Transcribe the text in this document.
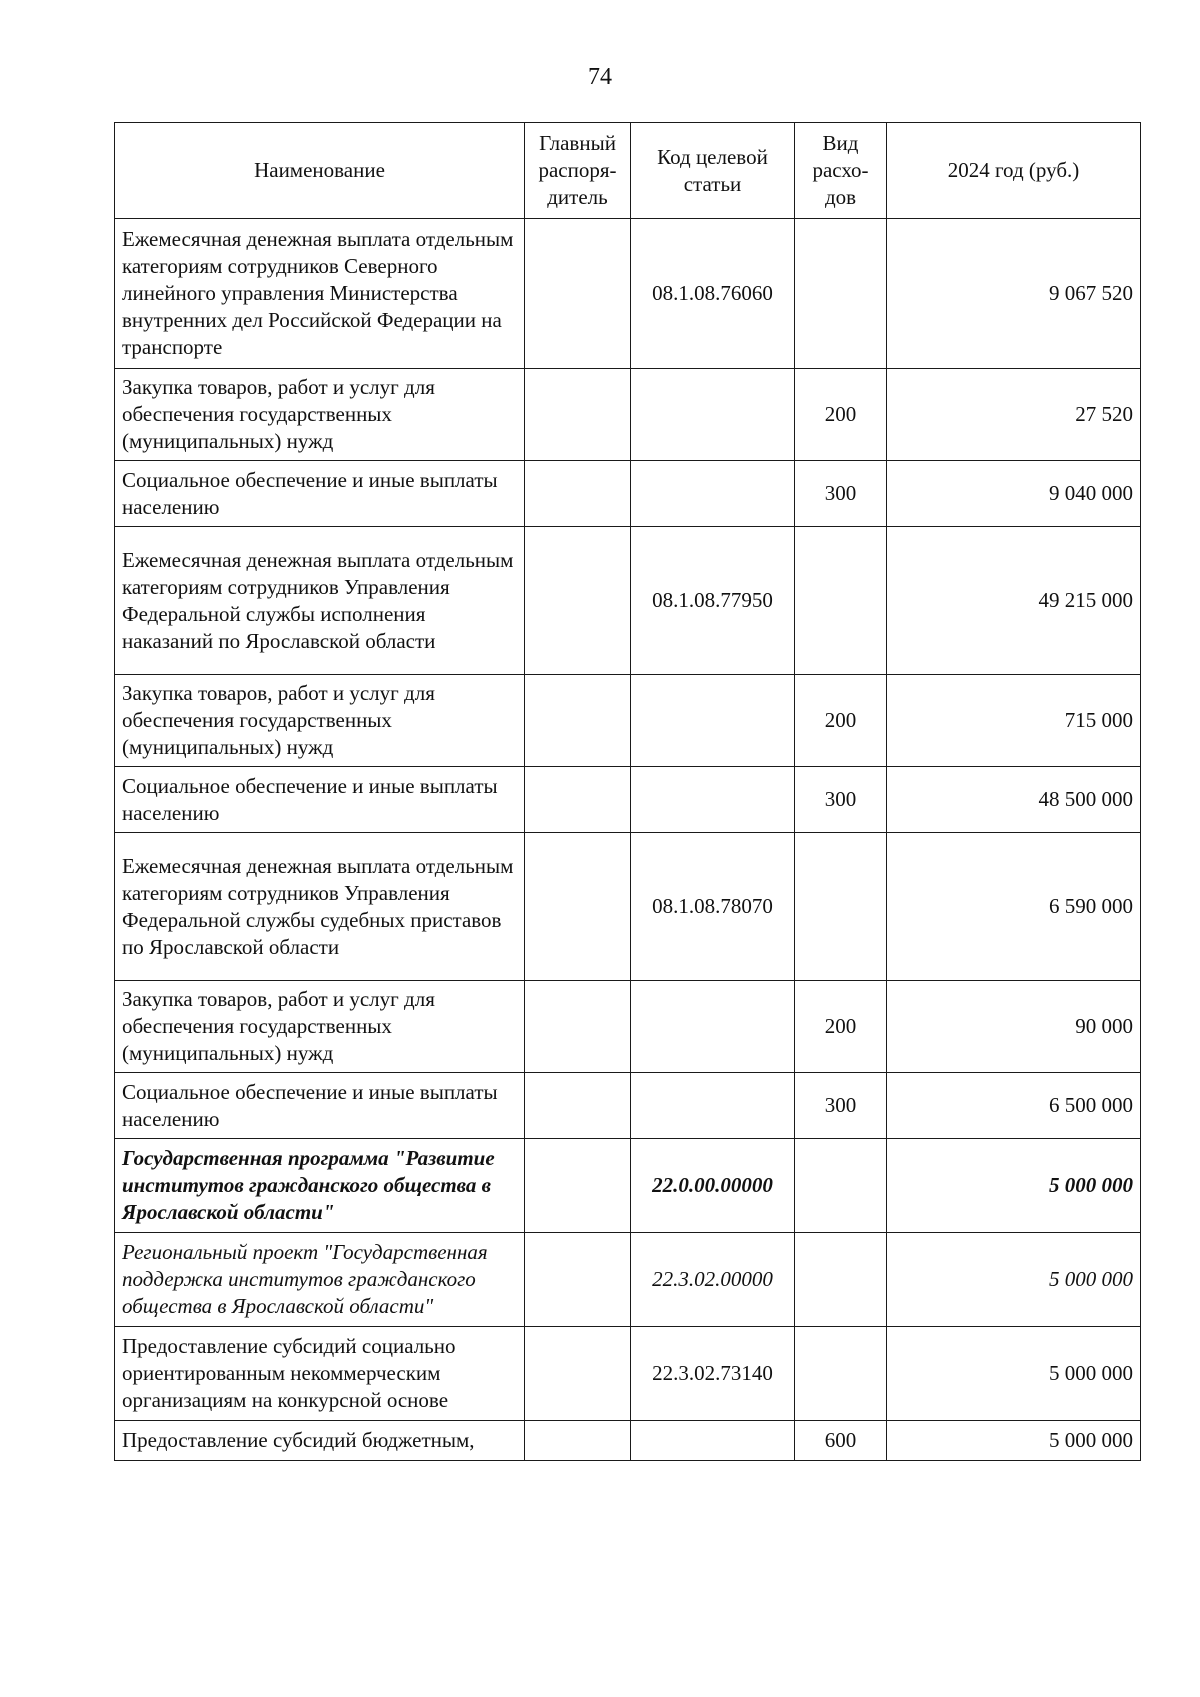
74
Наименование	Главный распоря-дитель	Код целевой статьи	Вид расхо-дов	2024 год (руб.)
Ежемесячная денежная выплата отдельным категориям сотрудников Северного линейного управления Министерства внутренних дел Российской Федерации на транспорте		08.1.08.76060		9 067 520
Закупка товаров, работ и услуг для обеспечения государственных (муниципальных) нужд			200	27 520
Социальное обеспечение и иные выплаты населению			300	9 040 000
Ежемесячная денежная выплата отдельным категориям сотрудников Управления Федеральной службы исполнения наказаний по Ярославской области		08.1.08.77950		49 215 000
Закупка товаров, работ и услуг для обеспечения государственных (муниципальных) нужд			200	715 000
Социальное обеспечение и иные выплаты населению			300	48 500 000
Ежемесячная денежная выплата отдельным категориям сотрудников Управления Федеральной службы судебных приставов по Ярославской области		08.1.08.78070		6 590 000
Закупка товаров, работ и услуг для обеспечения государственных (муниципальных) нужд			200	90 000
Социальное обеспечение и иные выплаты населению			300	6 500 000
Государственная программа "Развитие институтов гражданского общества в Ярославской области"		22.0.00.00000		5 000 000
Региональный проект "Государственная поддержка институтов гражданского общества в Ярославской области"		22.3.02.00000		5 000 000
Предоставление субсидий социально ориентированным некоммерческим организациям на конкурсной основе		22.3.02.73140		5 000 000
Предоставление субсидий бюджетным,			600	5 000 000
